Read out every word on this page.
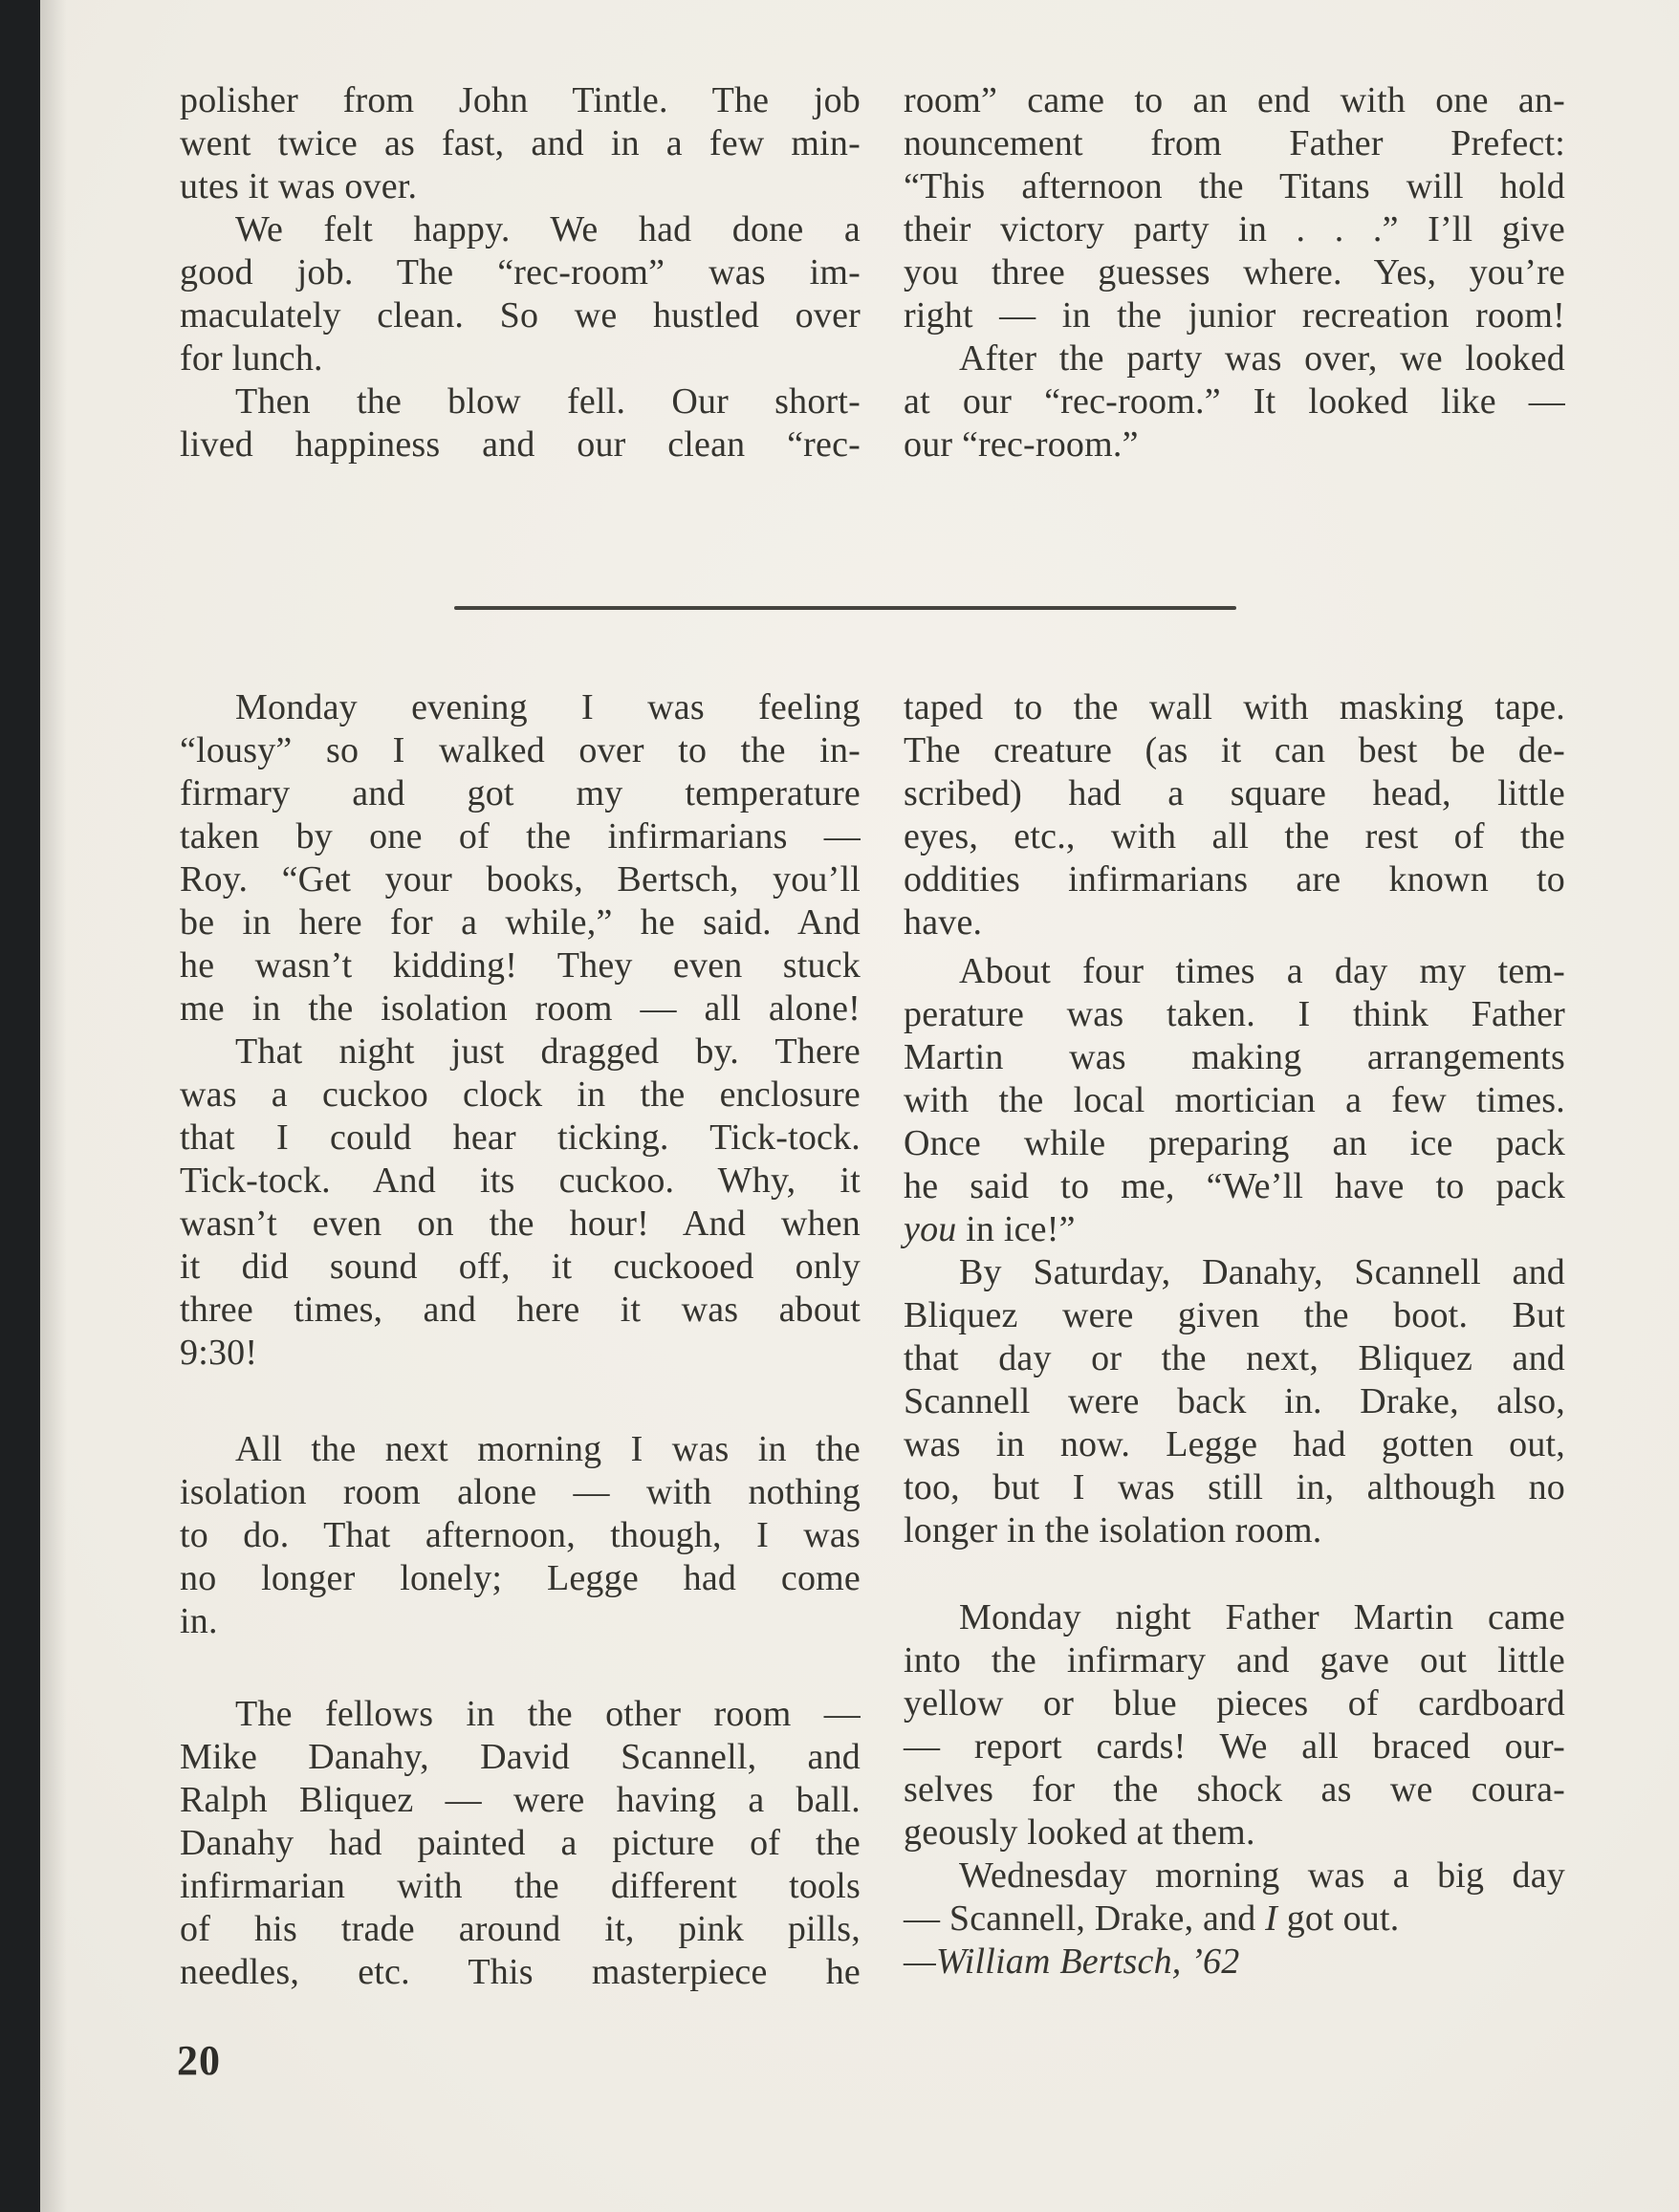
polisher from John Tintle. The job
went twice as fast, and in a few min-
utes it was over.
We felt happy. We had done a
good job. The “rec-room” was im-
maculately clean. So we hustled over
for lunch.
Then the blow fell. Our short-
lived happiness and our clean “rec-
room” came to an end with one an-
nouncement from Father Prefect:
“This afternoon the Titans will hold
their victory party in . . .” I’ll give
you three guesses where. Yes, you’re
right — in the junior recreation room!
After the party was over, we looked
at our “rec-room.” It looked like —
our “rec-room.”
Monday evening I was feeling
“lousy” so I walked over to the in-
firmary and got my temperature
taken by one of the infirmarians —
Roy. “Get your books, Bertsch, you’ll
be in here for a while,” he said. And
he wasn’t kidding! They even stuck
me in the isolation room — all alone!
That night just dragged by. There
was a cuckoo clock in the enclosure
that I could hear ticking. Tick-tock.
Tick-tock. And its cuckoo. Why, it
wasn’t even on the hour! And when
it did sound off, it cuckooed only
three times, and here it was about
9:30!
All the next morning I was in the
isolation room alone — with nothing
to do. That afternoon, though, I was
no longer lonely; Legge had come
in.
The fellows in the other room —
Mike Danahy, David Scannell, and
Ralph Bliquez — were having a ball.
Danahy had painted a picture of the
infirmarian with the different tools
of his trade around it, pink pills,
needles, etc. This masterpiece he
taped to the wall with masking tape.
The creature (as it can best be de-
scribed) had a square head, little
eyes, etc., with all the rest of the
oddities infirmarians are known to
have.
About four times a day my tem-
perature was taken. I think Father
Martin was making arrangements
with the local mortician a few times.
Once while preparing an ice pack
he said to me, “We’ll have to pack
you in ice!”
By Saturday, Danahy, Scannell and
Bliquez were given the boot. But
that day or the next, Bliquez and
Scannell were back in. Drake, also,
was in now. Legge had gotten out,
too, but I was still in, although no
longer in the isolation room.
Monday night Father Martin came
into the infirmary and gave out little
yellow or blue pieces of cardboard
— report cards! We all braced our-
selves for the shock as we coura-
geously looked at them.
Wednesday morning was a big day
— Scannell, Drake, and I got out.
—William Bertsch, ’62
20
